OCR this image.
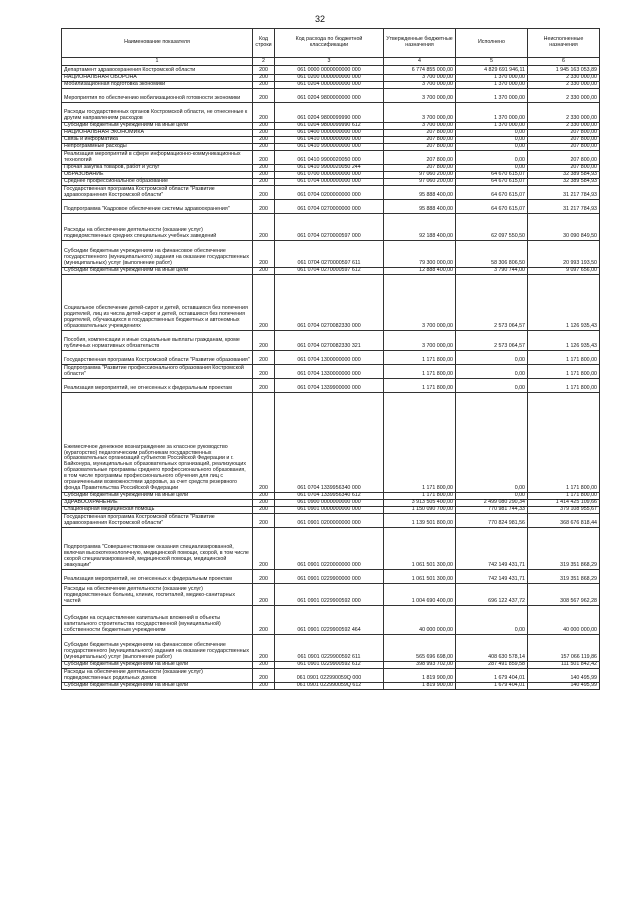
32
Наименование показателя	Код строки	Код расхода по бюджетной классификации	Утвержденные бюджетные назначения	Исполнено	Неисполненные назначения
1	2	3	4	5	6
Департамент здравоохранения Костромской области	200	061 0000 0000000000 000	6 774 855 000,00	4 829 691 946,11	1 945 163 053,89
НАЦИОНАЛЬНАЯ ОБОРОНА	200	061 0200 0000000000 000	3 700 000,00	1 370 000,00	2 330 000,00
Мобилизационная подготовка экономики	200	061 0204 0000000000 000	3 700 000,00	1 370 000,00	2 330 000,00
Мероприятия по обеспечению мобилизационной готовности экономики	200	061 0204 9800000000 000	3 700 000,00	1 370 000,00	2 330 000,00
Расходы государственных органов Костромской области, не отнесенные к другим направлениям расходов	200	061 0204 9800099990 000	3 700 000,00	1 370 000,00	2 330 000,00
Субсидии бюджетным учреждениям на иные цели	200	061 0204 9800099990 612	3 700 000,00	1 370 000,00	2 330 000,00
НАЦИОНАЛЬНАЯ ЭКОНОМИКА	200	061 0400 0000000000 000	207 800,00	0,00	207 800,00
Связь и информатика	200	061 0410 0000000000 000	207 800,00	0,00	207 800,00
Непрограммные расходы	200	061 0410 9900000000 000	207 800,00	0,00	207 800,00
Реализация мероприятий в сфере информационно-коммуникационных технологий	200	061 0410 9900020050 000	207 800,00	0,00	207 800,00
Прочая закупка товаров, работ и услуг	200	061 0410 9900020050 244	207 800,00	0,00	207 800,00
ОБРАЗОВАНИЕ	200	061 0700 0000000000 000	97 060 200,00	64 670 615,07	32 389 584,93
Среднее профессиональное образование	200	061 0704 0000000000 000	97 060 200,00	64 670 615,07	32 389 584,93
Государственная программа Костромской области "Развитие здравоохранения Костромской области"	200	061 0704 0200000000 000	95 888 400,00	64 670 615,07	31 217 784,93
Подпрограмма "Кадровое обеспечение системы здравоохранения"	200	061 0704 0270000000 000	95 888 400,00	64 670 615,07	31 217 784,93
Расходы на обеспечение деятельности (оказание услуг) подведомственных средних специальных учебных заведений	200	061 0704 0270000597 000	92 188 400,00	62 097 550,50	30 090 849,50
Субсидии бюджетным учреждениям на финансовое обеспечение государственного (муниципального) задания на оказание государственных (муниципальных) услуг (выполнение работ)	200	061 0704 0270000597 611	79 300 000,00	58 306 806,50	20 993 193,50
Субсидии бюджетным учреждениям на иные цели	200	061 0704 0270000597 612	12 888 400,00	3 790 744,00	9 097 656,00
Социальное обеспечение детей-сирот и детей, оставшихся без попечения родителей, лиц из числа детей-сирот и детей, оставшихся без попечения родителей, обучающихся в государственных бюджетных и автономных образовательных учреждениях	200	061 0704 0270082330 000	3 700 000,00	2 573 064,57	1 126 935,43
Пособия, компенсации и иные социальные выплаты гражданам, кроме публичных нормативных обязательств	200	061 0704 0270082330 321	3 700 000,00	2 573 064,57	1 126 935,43
Государственная программа Костромской области "Развитие образования"	200	061 0704 1300000000 000	1 171 800,00	0,00	1 171 800,00
Подпрограмма "Развитие профессионального образования Костромской области"	200	061 0704 1330000000 000	1 171 800,00	0,00	1 171 800,00
Реализация мероприятий, не отнесенных к федеральным проектам	200	061 0704 1339900000 000	1 171 800,00	0,00	1 171 800,00
Ежемесячное денежное вознаграждение за классное руководство (кураторство) педагогическим работникам государственных образовательных организаций субъектов Российской Федерации и г. Байконура, муниципальных образовательных организаций, реализующих образовательные программы среднего профессионального образования, в том числе программы профессионального обучения для лиц с ограниченными возможностями здоровья, за счет средств резервного фонда Правительства Российской Федерации	200	061 0704 1339956340 000	1 171 800,00	0,00	1 171 800,00
Субсидии бюджетным учреждениям на иные цели	200	061 0704 1339956340 612	1 171 800,00	0,00	1 171 800,00
ЗДРАВООХРАНЕНИЕ	200	061 0900 0000000000 000	3 913 505 400,00	2 499 080 290,34	1 414 425 109,66
Стационарная медицинская помощь	200	061 0901 0000000000 000	1 150 090 700,00	770 981 744,33	379 108 955,67
Государственная программа Костромской области "Развитие здравоохранения Костромской области"	200	061 0901 0200000000 000	1 139 501 800,00	770 824 981,56	368 676 818,44
Подпрограмма "Совершенствование оказания специализированной, включая высокотехнологичную, медицинской помощи, скорой, в том числе скорой специализированной, медицинской помощи, медицинской эвакуации"	200	061 0901 0220000000 000	1 061 501 300,00	742 149 431,71	319 351 868,29
Реализация мероприятий, не отнесенных к федеральным проектам	200	061 0901 0229900000 000	1 061 501 300,00	742 149 431,71	319 351 868,29
Расходы на обеспечение деятельности (оказание услуг) подведомственных больниц, клиник, госпиталей, медико-санитарных частей	200	061 0901 0229900592 000	1 004 690 400,00	696 122 437,72	308 567 962,28
Субсидии на осуществление капитальных вложений в объекты капитального строительства государственной (муниципальной) собственности бюджетным учреждениям	200	061 0901 0229900592 464	40 000 000,00	0,00	40 000 000,00
Субсидии бюджетным учреждениям на финансовое обеспечение государственного (муниципального) задания на оказание государственных (муниципальных) услуг (выполнение работ)	200	061 0901 0229900592 611	565 696 698,00	408 630 578,14	157 066 119,86
Субсидии бюджетным учреждениям на иные цели	200	061 0901 0229900592 612	398 993 702,00	287 491 859,58	111 501 842,42
Расходы на обеспечение деятельности (оказание услуг) подведомственных родильных домов	200	061 0901 022990059Q 000	1 819 900,00	1 679 404,01	140 495,99
Субсидии бюджетным учреждениям на иные цели	200	061 0901 022990059Q 612	1 819 900,00	1 679 404,01	140 495,99
